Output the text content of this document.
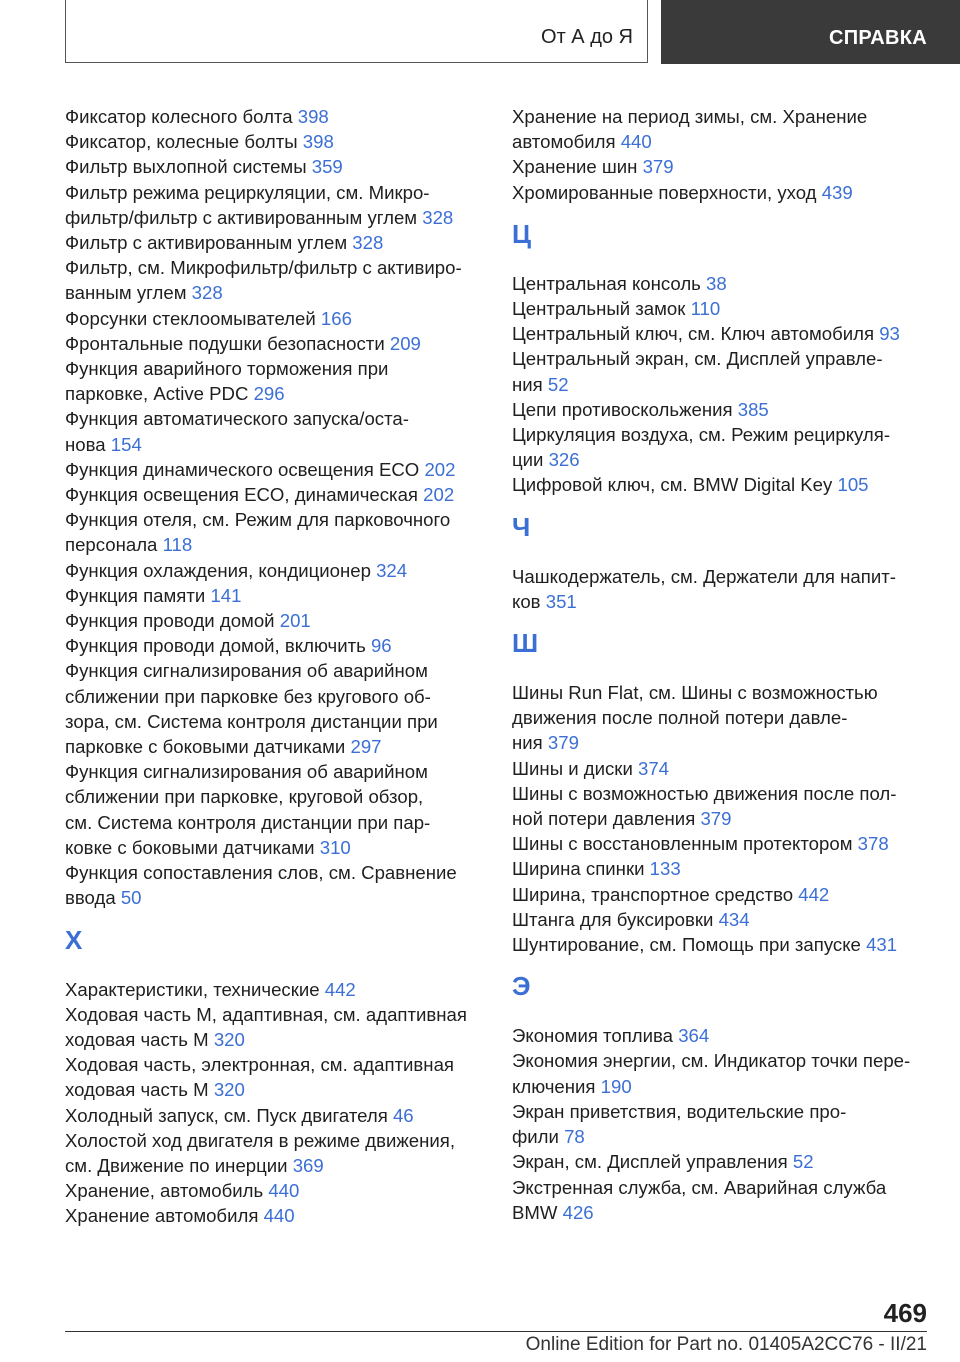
От А до Я	СПРАВКА
Фиксатор колесного болта 398
Фиксатор, колесные болты 398
Фильтр выхлопной системы 359
Фильтр режима рециркуляции, см. Микро-
фильтр/фильтр с активированным углем 328
Фильтр с активированным углем 328
Фильтр, см. Микрофильтр/фильтр с активиро-
ванным углем 328
Форсунки стеклоомывателей 166
Фронтальные подушки безопасности 209
Функция аварийного торможения при
парковке, Active PDC 296
Функция автоматического запуска/оста-
нова 154
Функция динамического освещения ECO 202
Функция освещения ECO, динамическая 202
Функция отеля, см. Режим для парковочного
персонала 118
Функция охлаждения, кондиционер 324
Функция памяти 141
Функция проводи домой 201
Функция проводи домой, включить 96
Функция сигнализирования об аварийном
сближении при парковке без кругового об-
зора, см. Система контроля дистанции при
парковке с боковыми датчиками 297
Функция сигнализирования об аварийном
сближении при парковке, круговой обзор,
см. Система контроля дистанции при пар-
ковке с боковыми датчиками 310
Функция сопоставления слов, см. Сравнение
ввода 50
Х
Характеристики, технические 442
Ходовая часть M, адаптивная, см. адаптивная
ходовая часть M 320
Ходовая часть, электронная, см. адаптивная
ходовая часть M 320
Холодный запуск, см. Пуск двигателя 46
Холостой ход двигателя в режиме движения,
см. Движение по инерции 369
Хранение, автомобиль 440
Хранение автомобиля 440
Хранение на период зимы, см. Хранение
автомобиля 440
Хранение шин 379
Хромированные поверхности, уход 439
Ц
Центральная консоль 38
Центральный замок 110
Центральный ключ, см. Ключ автомобиля 93
Центральный экран, см. Дисплей управле-
ния 52
Цепи противоскольжения 385
Циркуляция воздуха, см. Режим рециркуля-
ции 326
Цифровой ключ, см. BMW Digital Key 105
Ч
Чашкодержатель, см. Держатели для напит-
ков 351
Ш
Шины Run Flat, см. Шины с возможностью
движения после полной потери давле-
ния 379
Шины и диски 374
Шины с возможностью движения после пол-
ной потери давления 379
Шины с восстановленным протектором 378
Ширина спинки 133
Ширина, транспортное средство 442
Штанга для буксировки 434
Шунтирование, см. Помощь при запуске 431
Э
Экономия топлива 364
Экономия энергии, см. Индикатор точки пере-
ключения 190
Экран приветствия, водительские про-
фили 78
Экран, см. Дисплей управления 52
Экстренная служба, см. Аварийная служба
BMW 426
469
Online Edition for Part no. 01405A2CC76 - II/21
